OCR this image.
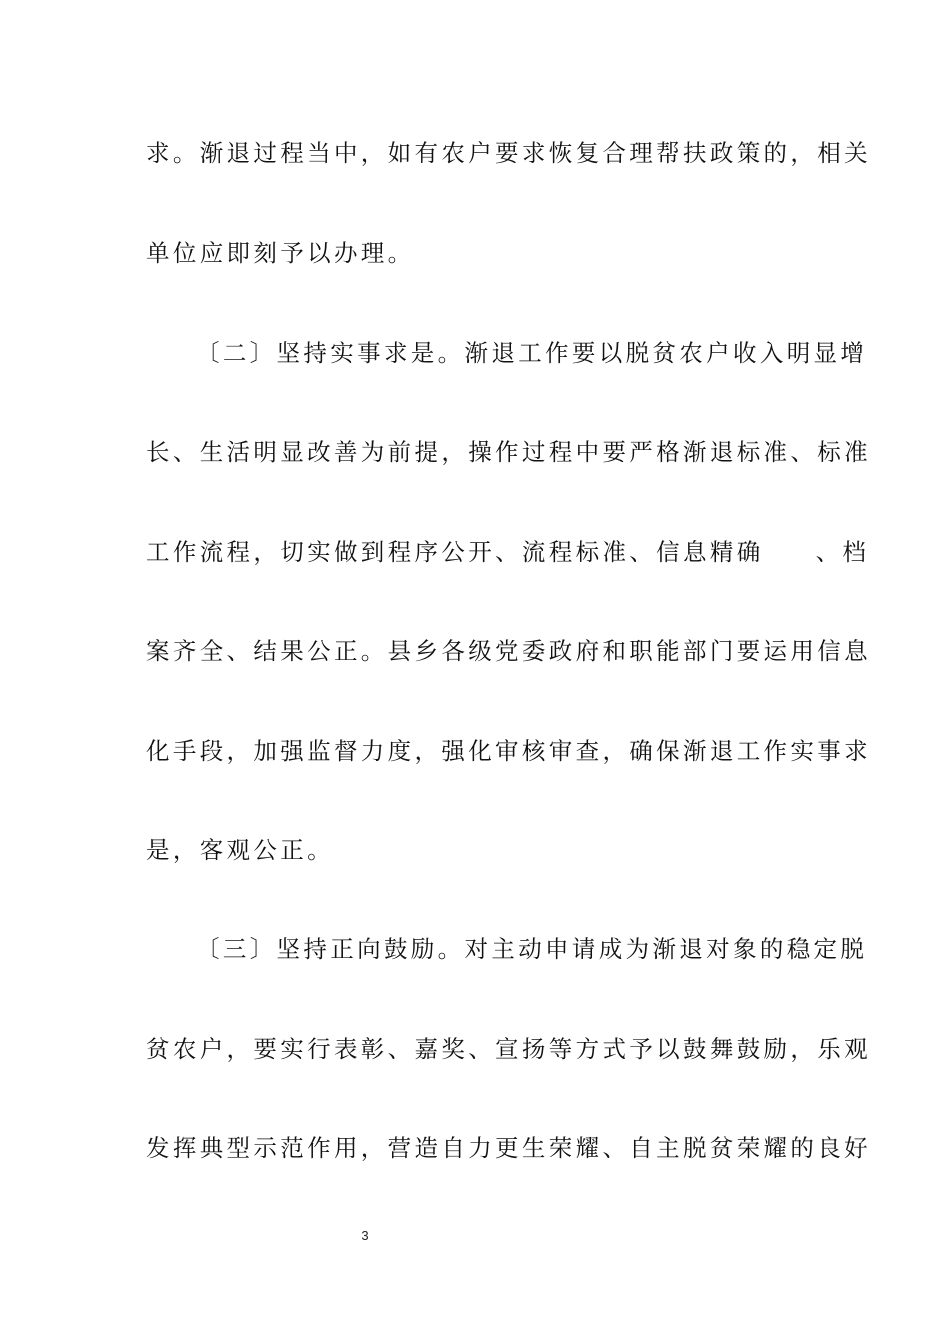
求。渐退过程当中，如有农户要求恢复合理帮扶政策的，相关
单位应即刻予以办理。
〔二〕坚持实事求是。渐退工作要以脱贫农户收入明显增
长、生活明显改善为前提，操作过程中要严格渐退标准、标准
工作流程，切实做到程序公开、流程标准、信息精确 、档
案齐全、结果公正。县乡各级党委政府和职能部门要运用信息
化手段，加强监督力度，强化审核审查，确保渐退工作实事求
是，客观公正。
〔三〕坚持正向鼓励。对主动申请成为渐退对象的稳定脱
贫农户，要实行表彰、嘉奖、宣扬等方式予以鼓舞鼓励，乐观
发挥典型示范作用，营造自力更生荣耀、自主脱贫荣耀的良好
3
